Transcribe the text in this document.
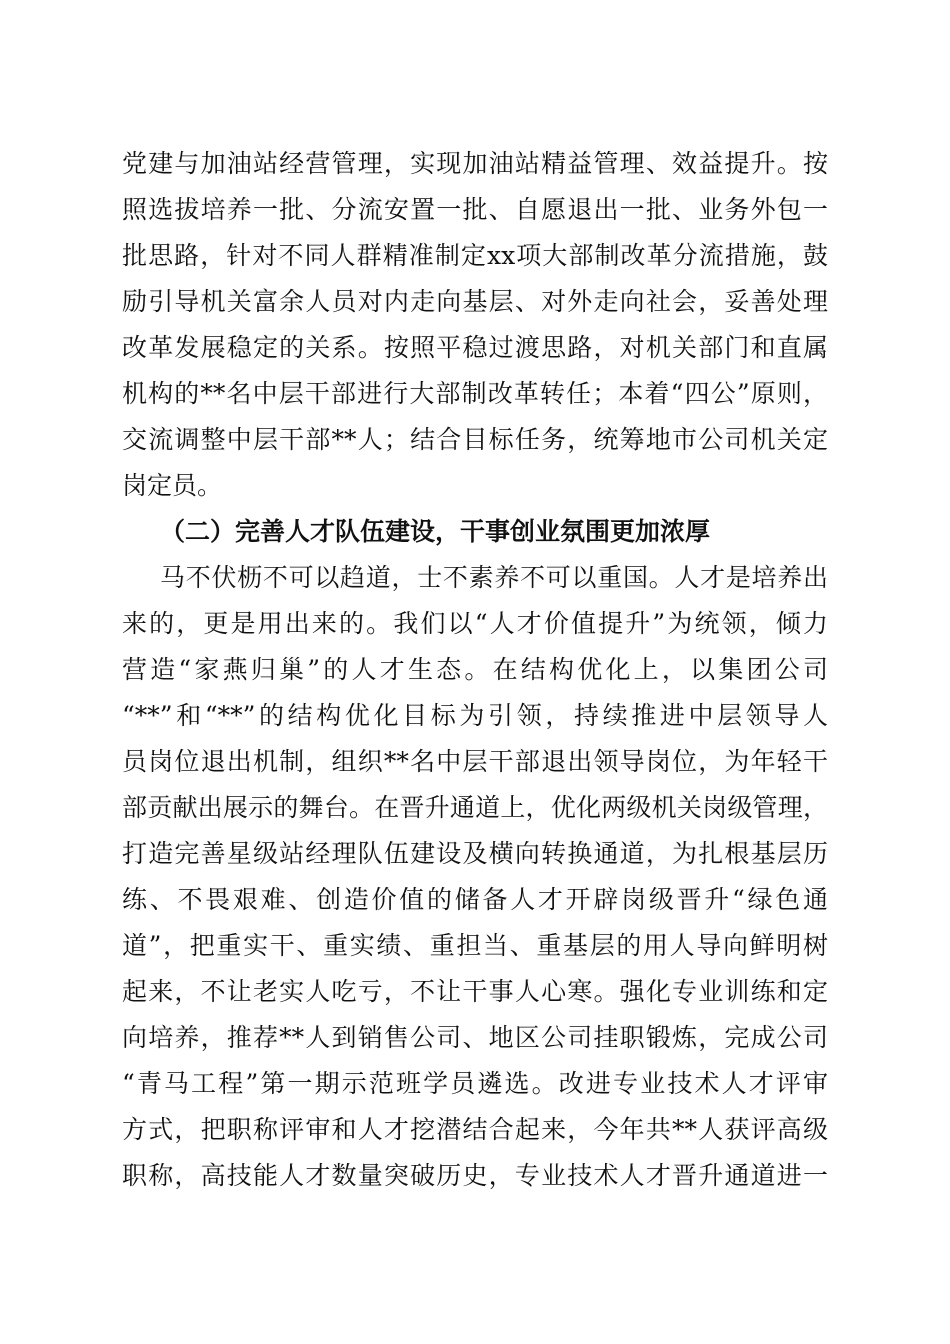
党建与加油站经营管理，实现加油站精益管理、效益提升。按
照选拔培养一批、分流安置一批、自愿退出一批、业务外包一
批思路，针对不同人群精准制定xx项大部制改革分流措施，鼓
励引导机关富余人员对内走向基层、对外走向社会，妥善处理
改革发展稳定的关系。按照平稳过渡思路，对机关部门和直属
机构的**名中层干部进行大部制改革转任；本着“四公”原则，
交流调整中层干部**人；结合目标任务，统筹地市公司机关定
岗定员。
（二）完善人才队伍建设，干事创业氛围更加浓厚
马不伏枥不可以趋道，士不素养不可以重国。人才是培养出
来的，更是用出来的。我们以“人才价值提升”为统领，倾力
营造“家燕归巢”的人才生态。在结构优化上，以集团公司
“**”和“**”的结构优化目标为引领，持续推进中层领导人
员岗位退出机制，组织**名中层干部退出领导岗位，为年轻干
部贡献出展示的舞台。在晋升通道上，优化两级机关岗级管理，
打造完善星级站经理队伍建设及横向转换通道，为扎根基层历
练、不畏艰难、创造价值的储备人才开辟岗级晋升“绿色通
道”，把重实干、重实绩、重担当、重基层的用人导向鲜明树
起来，不让老实人吃亏，不让干事人心寒。强化专业训练和定
向培养，推荐**人到销售公司、地区公司挂职锻炼，完成公司
“青马工程”第一期示范班学员遴选。改进专业技术人才评审
方式，把职称评审和人才挖潜结合起来，今年共**人获评高级
职称，高技能人才数量突破历史，专业技术人才晋升通道进一
